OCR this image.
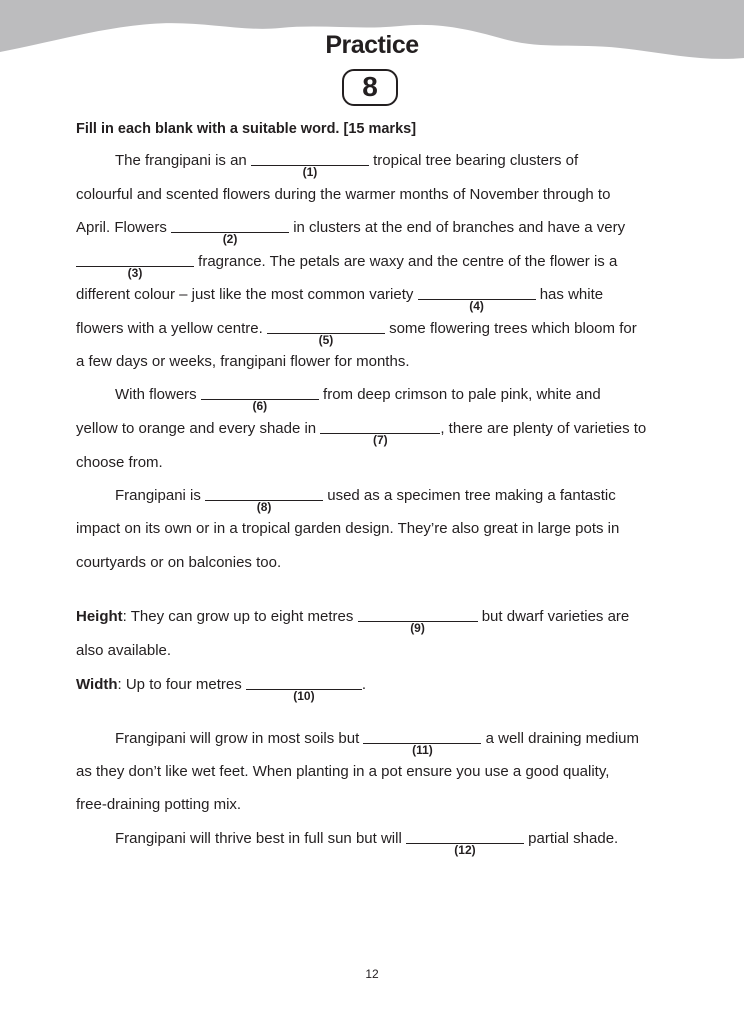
Practice
8
Fill in each blank with a suitable word. [15 marks]
The frangipani is an
(1)
tropical tree bearing clusters of
colourful and scented flowers during the warmer months of November through to
April. Flowers
(2)
in clusters at the end of branches and have a very
(3)
fragrance. The petals are waxy and the centre of the flower is a
different colour – just like the most common variety
(4)
has white
flowers with a yellow centre.
(5)
some flowering trees which bloom for
a few days or weeks, frangipani flower for months.
With flowers
(6)
from deep crimson to pale pink, white and
yellow to orange and every shade in
(7)
, there are plenty of varieties to
choose from.
Frangipani is
(8)
used as a specimen tree making a fantastic
impact on its own or in a tropical garden design. They’re also great in large pots in
courtyards or on balconies too.
Height: They can grow up to eight metres
(9)
but dwarf varieties are
also available.
Width: Up to four metres
(10)
.
Frangipani will grow in most soils but
(11)
a well draining medium
as they don’t like wet feet. When planting in a pot ensure you use a good quality,
free-draining potting mix.
Frangipani will thrive best in full sun but will
(12)
partial shade.
12
